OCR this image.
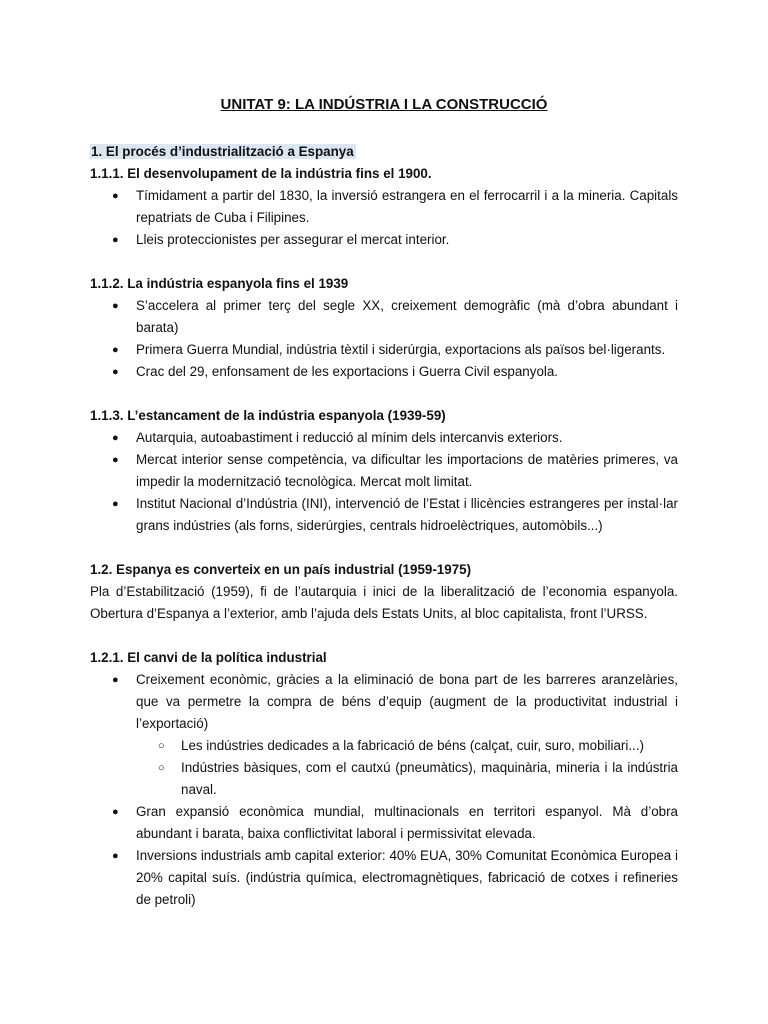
UNITAT 9: LA INDÚSTRIA I LA CONSTRUCCIÓ

1. El procés d’industrialització a Espanya

1.1.1. El desenvolupament de la indústria fins el 1900.

● Tímidament a partir del 1830, la inversió estrangera en el ferrocarril i a la mineria. Capitals repatriats de Cuba i Filipines.
● Lleis proteccionistes per assegurar el mercat interior.

1.1.2. La indústria espanyola fins el 1939

● S’accelera al primer terç del segle XX, creixement demogràfic (mà d’obra abundant i barata)
● Primera Guerra Mundial, indústria tèxtil i siderúrgia, exportacions als països bel·ligerants.
● Crac del 29, enfonsament de les exportacions i Guerra Civil espanyola.

1.1.3. L’estancament de la indústria espanyola (1939-59)

● Autarquia, autoabastiment i reducció al mínim dels intercanvis exteriors.
● Mercat interior sense competència, va dificultar les importacions de matèries primeres, va impedir la modernització tecnològica. Mercat molt limitat.
● Institut Nacional d’Indústria (INI), intervenció de l’Estat i llicències estrangeres per instal·lar grans indústries (als forns, siderúrgies, centrals hidroelèctriques, automòbils...)

1.2. Espanya es converteix en un país industrial (1959-1975)

Pla d’Estabilització (1959), fi de l’autarquia i inici de la liberalització de l’economia espanyola. Obertura d’Espanya a l’exterior, amb l’ajuda dels Estats Units, al bloc capitalista, front l’URSS.

1.2.1. El canvi de la política industrial

● Creixement econòmic, gràcies a la eliminació de bona part de les barreres aranzelàries, que va permetre la compra de béns d’equip (augment de la productivitat industrial i l’exportació)
○ Les indústries dedicades a la fabricació de béns (calçat, cuir, suro, mobiliari...)
○ Indústries bàsiques, com el cautxú (pneumàtics), maquinària, mineria i la indústria naval.
● Gran expansió econòmica mundial, multinacionals en territori espanyol. Mà d’obra abundant i barata, baixa conflictivitat laboral i permissivitat elevada.
● Inversions industrials amb capital exterior: 40% EUA, 30% Comunitat Econòmica Europea i 20% capital suís. (indústria química, electromagnètiques, fabricació de cotxes i refineries de petroli)
